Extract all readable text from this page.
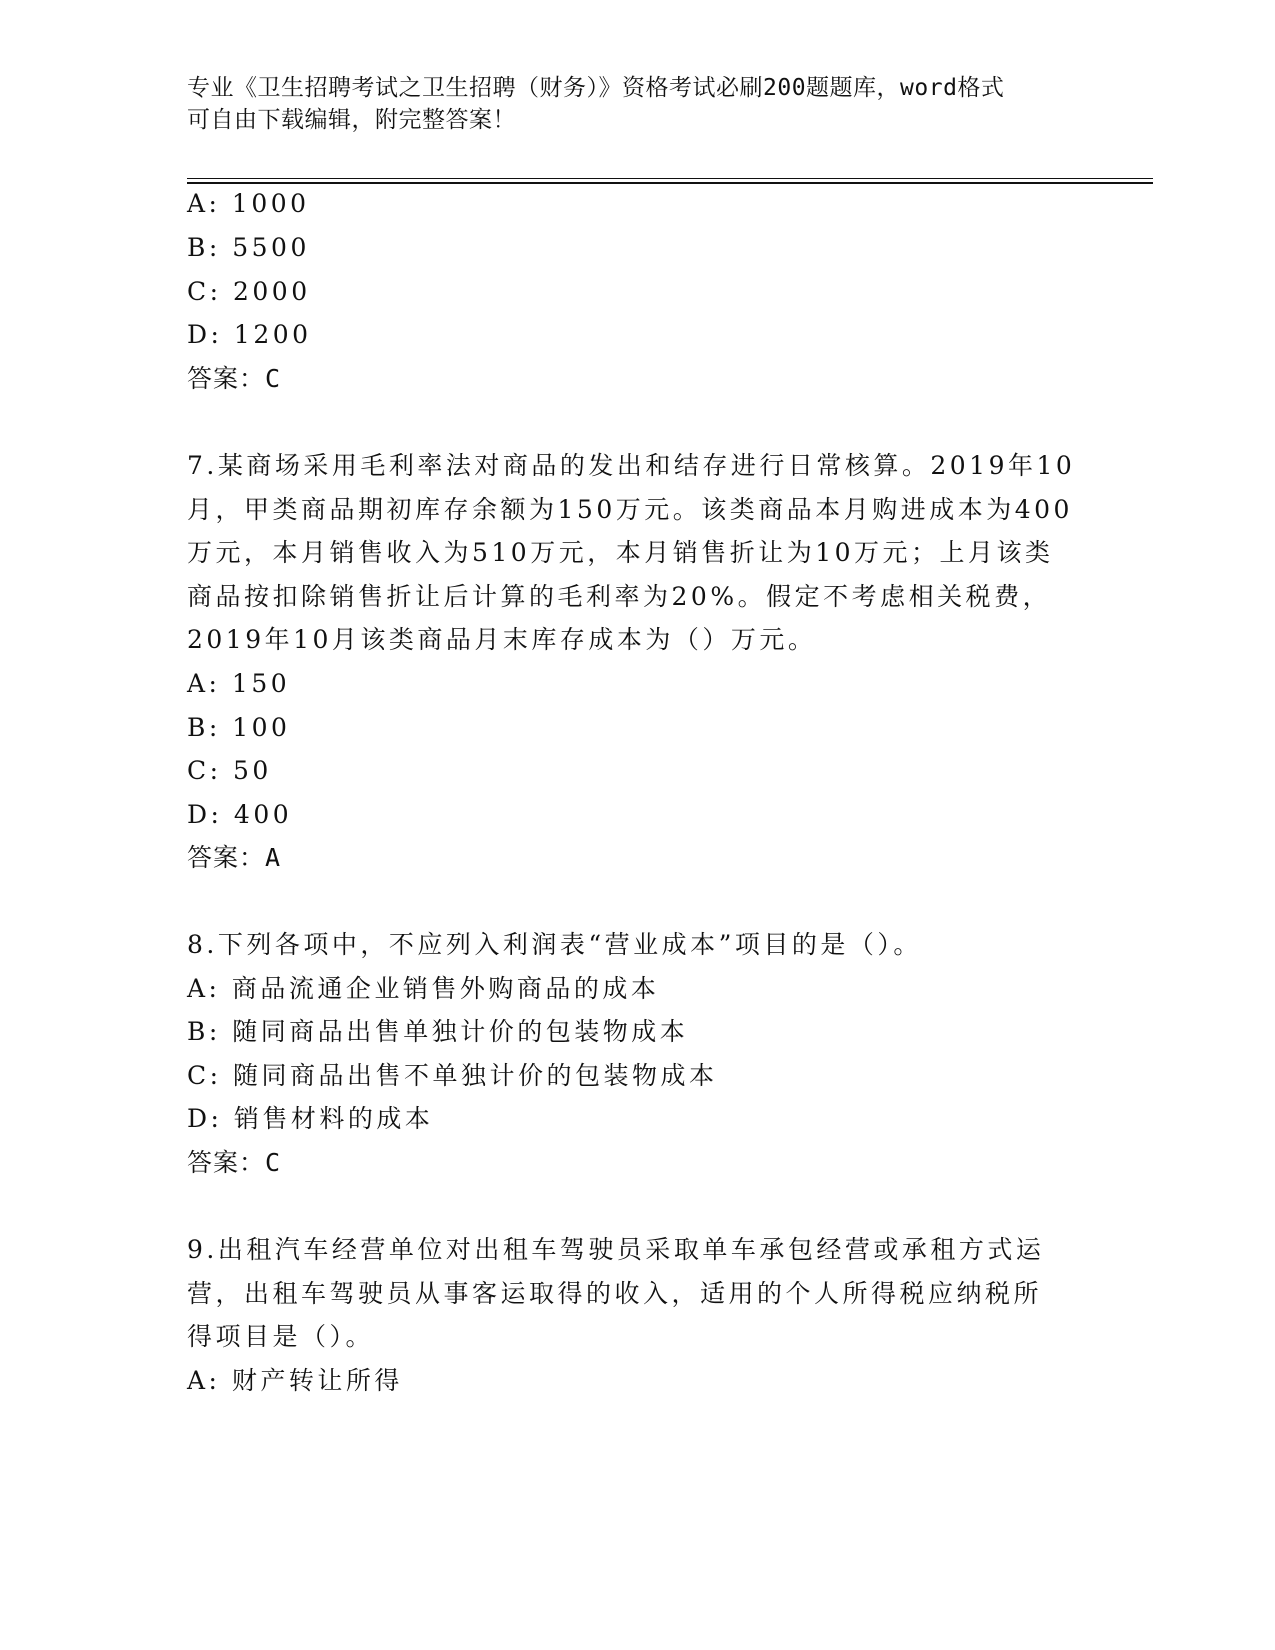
专业《卫生招聘考试之卫生招聘（财务）》资格考试必刷200题题库，word格式
可自由下载编辑，附完整答案！
A: 1000
B: 5500
C: 2000
D: 1200
答案：C
7.某商场采用毛利率法对商品的发出和结存进行日常核算。2019年10
月，甲类商品期初库存余额为150万元。该类商品本月购进成本为400
万元，本月销售收入为510万元，本月销售折让为10万元；上月该类
商品按扣除销售折让后计算的毛利率为20%。假定不考虑相关税费，
2019年10月该类商品月末库存成本为（）万元。
A: 150
B: 100
C: 50
D: 400
答案：A
8.下列各项中，不应列入利润表“营业成本”项目的是（）。
A: 商品流通企业销售外购商品的成本
B: 随同商品出售单独计价的包装物成本
C: 随同商品出售不单独计价的包装物成本
D: 销售材料的成本
答案：C
9.出租汽车经营单位对出租车驾驶员采取单车承包经营或承租方式运
营，出租车驾驶员从事客运取得的收入，适用的个人所得税应纳税所
得项目是（）。
A: 财产转让所得
